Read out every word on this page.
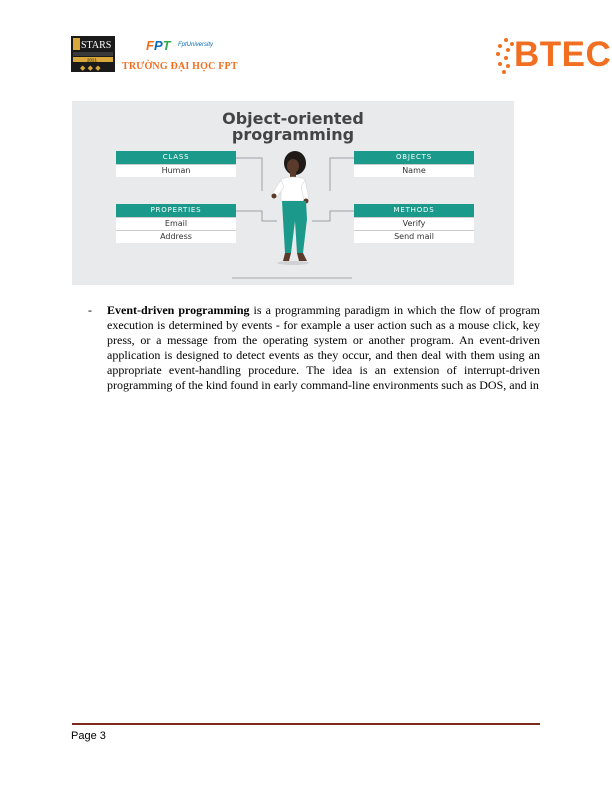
STARS
2021
◆ ◆ ◆
FPT FptUniversity
TRƯỜNG ĐẠI HỌC FPT	BTEC
Object-oriented
programming
CLASS
Human
OBJECTS
Name
PROPERTIES
Email
Address
METHODS
Verify
Send mail
- Event-driven programming is a programming paradigm in which the flow of program execution is determined by events - for example a user action such as a mouse click, key press, or a message from the operating system or another program. An event-driven application is designed to detect events as they occur, and then deal with them using an appropriate event-handling procedure. The idea is an extension of interrupt-driven programming of the kind found in early command-line environments such as DOS, and in
Page 3
